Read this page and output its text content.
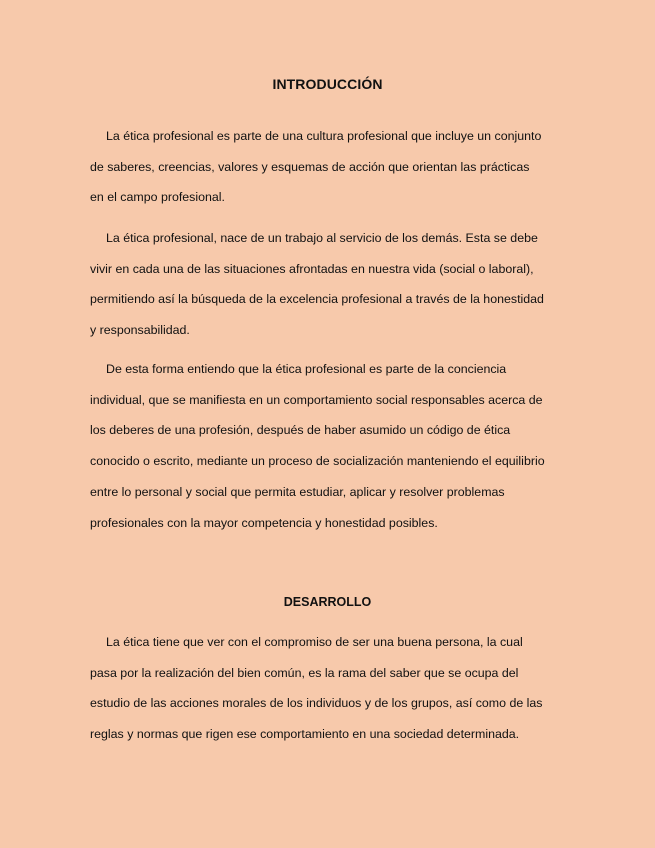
INTRODUCCIÓN

La ética profesional es parte de una cultura profesional que incluye un conjunto
de saberes, creencias, valores y esquemas de acción que orientan las prácticas
en el campo profesional.

La ética profesional, nace de un trabajo al servicio de los demás. Esta se debe
vivir en cada una de las situaciones afrontadas en nuestra vida (social o laboral),
permitiendo así la búsqueda de la excelencia profesional a través de la honestidad
y responsabilidad.

De esta forma entiendo que la ética profesional es parte de la conciencia
individual, que se manifiesta en un comportamiento social responsables acerca de
los deberes de una profesión, después de haber asumido un código de ética
conocido o escrito, mediante un proceso de socialización manteniendo el equilibrio
entre lo personal y social que permita estudiar, aplicar y resolver problemas
profesionales con la mayor competencia y honestidad posibles.

DESARROLLO

La ética tiene que ver con el compromiso de ser una buena persona, la cual
pasa por la realización del bien común, es la rama del saber que se ocupa del
estudio de las acciones morales de los individuos y de los grupos, así como de las
reglas y normas que rigen ese comportamiento en una sociedad determinada.
